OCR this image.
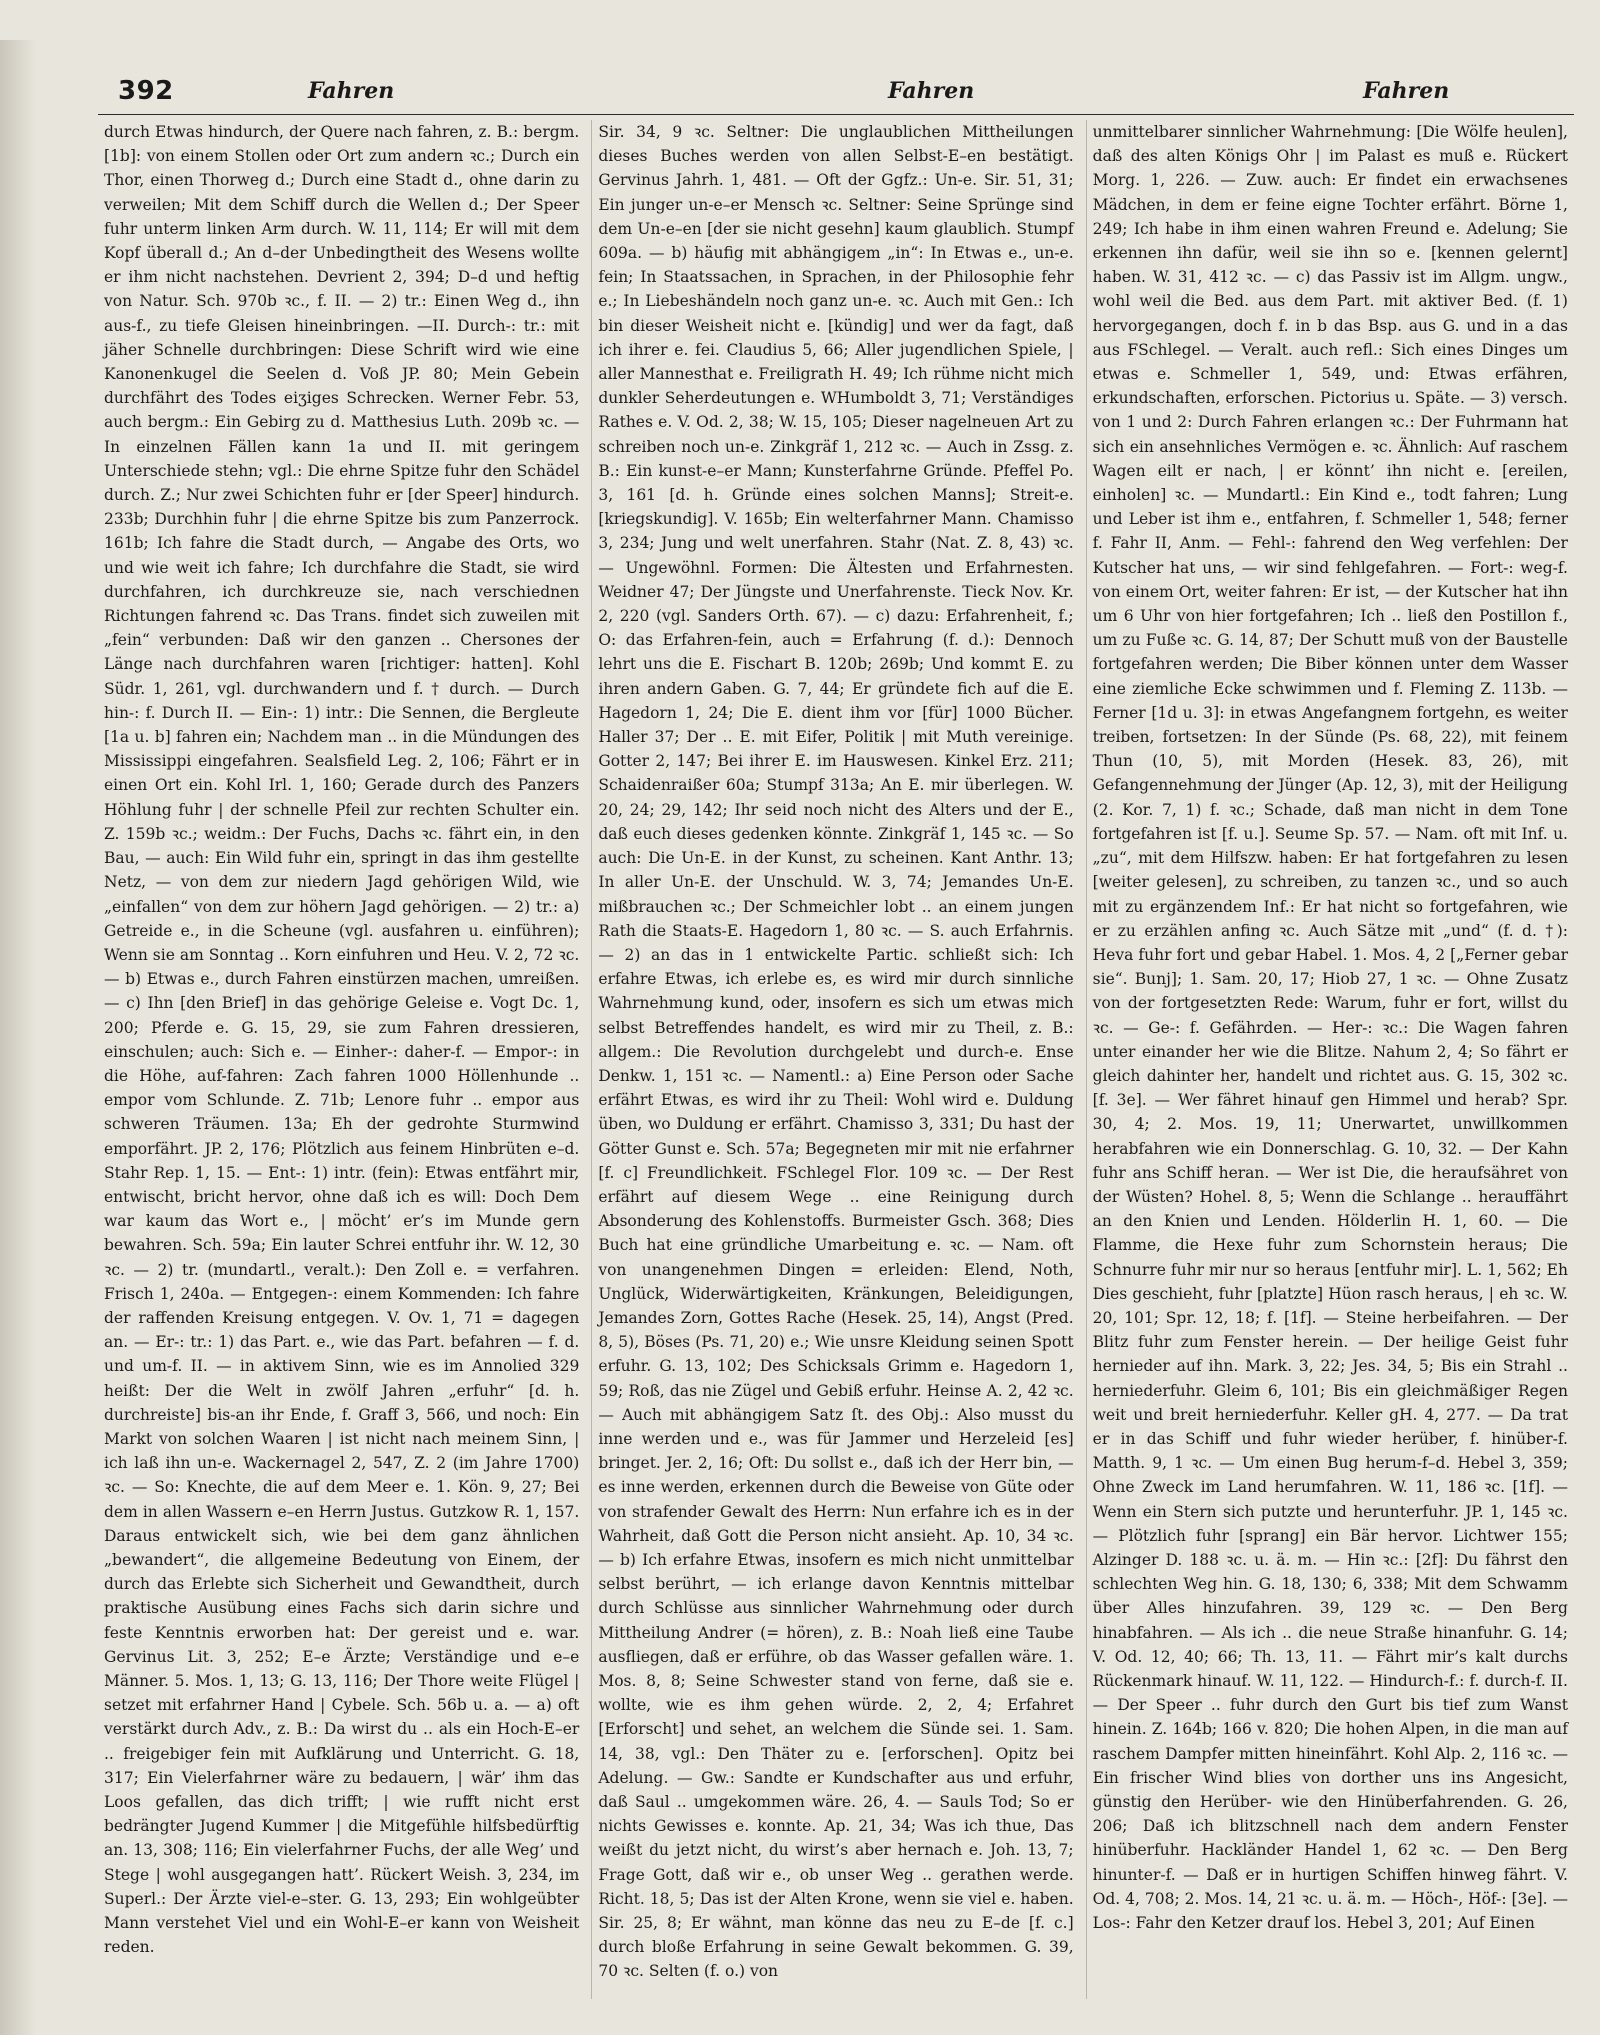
392	Fahren	Fahren	Fahren
durch Etwas hindurch, der Quere nach fahren, z. B.: bergm. [1b]: von einem Stollen oder Ort zum andern ꝛc.; Durch ein Thor, einen Thorweg d.; Durch eine Stadt d., ohne darin zu verweilen; Mit dem Schiff durch die Wellen d.; Der Speer fuhr unterm linken Arm durch. W. 11, 114; Er will mit dem Kopf überall d.; An d–der Unbedingtheit des Wesens wollte er ihm nicht nachstehen. Devrient 2, 394; D–d und heftig von Natur. Sch. 970b ꝛc., f. II. — 2) tr.: Einen Weg d., ihn aus-f., zu tiefe Gleisen hineinbringen. —II. Durch-: tr.: mit jäher Schnelle durchbringen: Diese Schrift wird wie eine Kanonenkugel die Seelen d. Voß JP. 80; Mein Gebein durchfährt des Todes eiʒiges Schrecken. Werner Febr. 53, auch bergm.: Ein Gebirg zu d. Matthesius Luth. 209b ꝛc. — In einzelnen Fällen kann 1a und II. mit geringem Unterschiede stehn; vgl.: Die ehrne Spitze fuhr den Schädel durch. Z.; Nur zwei Schichten fuhr er [der Speer] hindurch. 233b; Durchhin fuhr | die ehrne Spitze bis zum Panzerrock. 161b; Ich fahre die Stadt durch, — Angabe des Orts, wo und wie weit ich fahre; Ich durchfahre die Stadt, sie wird durchfahren, ich durchkreuze sie, nach verschiednen Richtungen fahrend ꝛc. Das Trans. findet sich zuweilen mit „fein“ verbunden: Daß wir den ganzen .. Chersones der Länge nach durchfahren waren [richtiger: hatten]. Kohl Südr. 1, 261, vgl. durchwandern und f. † durch. — Durch hin-: f. Durch II. — Ein-: 1) intr.: Die Sennen, die Bergleute [1a u. b] fahren ein; Nachdem man .. in die Mündungen des Mississippi eingefahren. Sealsfield Leg. 2, 106; Fährt er in einen Ort ein. Kohl Irl. 1, 160; Gerade durch des Panzers Höhlung fuhr | der schnelle Pfeil zur rechten Schulter ein. Z. 159b ꝛc.; weidm.: Der Fuchs, Dachs ꝛc. fährt ein, in den Bau, — auch: Ein Wild fuhr ein, springt in das ihm gestellte Netz, — von dem zur niedern Jagd gehörigen Wild, wie „einfallen“ von dem zur höhern Jagd gehörigen. — 2) tr.: a) Getreide e., in die Scheune (vgl. ausfahren u. einführen); Wenn sie am Sonntag .. Korn einfuhren und Heu. V. 2, 72 ꝛc. — b) Etwas e., durch Fahren einstürzen machen, umreißen. — c) Ihn [den Brief] in das gehörige Geleise e. Vogt Dc. 1, 200; Pferde e. G. 15, 29, sie zum Fahren dressieren, einschulen; auch: Sich e. — Einher-: daher-f. — Empor-: in die Höhe, auf-fahren: Zach fahren 1000 Höllenhunde .. empor vom Schlunde. Z. 71b; Lenore fuhr .. empor aus schweren Träumen. 13a; Eh der gedrohte Sturmwind emporfährt. JP. 2, 176; Plötzlich aus feinem Hinbrüten e–d. Stahr Rep. 1, 15. — Ent-: 1) intr. (fein): Etwas entfährt mir, entwischt, bricht hervor, ohne daß ich es will: Doch Dem war kaum das Wort e., | möcht’ er’s im Munde gern bewahren. Sch. 59a; Ein lauter Schrei entfuhr ihr. W. 12, 30 ꝛc. — 2) tr. (mundartl., veralt.): Den Zoll e. = verfahren. Frisch 1, 240a. — Entgegen-: einem Kommenden: Ich fahre der raffenden Kreisung entgegen. V. Ov. 1, 71 = dagegen an. — Er-: tr.: 1) das Part. e., wie das Part. befahren — f. d. und um-f. II. — in aktivem Sinn, wie es im Annolied 329 heißt: Der die Welt in zwölf Jahren „erfuhr“ [d. h. durchreiste] bis-an ihr Ende, f. Graff 3, 566, und noch: Ein Markt von solchen Waaren | ist nicht nach meinem Sinn, | ich laß ihn un-e. Wackernagel 2, 547, Z. 2 (im Jahre 1700) ꝛc. — So: Knechte, die auf dem Meer e. 1. Kön. 9, 27; Bei dem in allen Wassern e–en Herrn Justus. Gutzkow R. 1, 157. Daraus entwickelt sich, wie bei dem ganz ähnlichen „bewandert“, die allgemeine Bedeutung von Einem, der durch das Erlebte sich Sicherheit und Gewandtheit, durch praktische Ausübung eines Fachs sich darin sichre und feste Kenntnis erworben hat: Der gereist und e. war. Gervinus Lit. 3, 252; E–e Ärzte; Verständige und e–e Männer. 5. Mos. 1, 13; G. 13, 116; Der Thore weite Flügel | setzet mit erfahrner Hand | Cybele. Sch. 56b u. a. — a) oft verstärkt durch Adv., z. B.: Da wirst du .. als ein Hoch-E–er .. freigebiger fein mit Aufklärung und Unterricht. G. 18, 317; Ein Vielerfahrner wäre zu bedauern, | wär’ ihm das Loos gefallen, das dich trifft; | wie rufft nicht erst bedrängter Jugend Kummer | die Mitgefühle hilfsbedürftig an. 13, 308; 116; Ein vielerfahrner Fuchs, der alle Weg’ und Stege | wohl ausgegangen hatt’. Rückert Weish. 3, 234, im Superl.: Der Ärzte viel-e–ster. G. 13, 293; Ein wohlgeübter Mann verstehet Viel und ein Wohl-E–er kann von Weisheit reden.
Sir. 34, 9 ꝛc. Seltner: Die unglaublichen Mittheilungen dieses Buches werden von allen Selbst-E–en bestätigt. Gervinus Jahrh. 1, 481. — Oft der Ggfz.: Un-e. Sir. 51, 31; Ein junger un-e–er Mensch ꝛc. Seltner: Seine Sprünge sind dem Un-e–en [der sie nicht gesehn] kaum glaublich. Stumpf 609a. — b) häufig mit abhängigem „in“: In Etwas e., un-e. fein; In Staatssachen, in Sprachen, in der Philosophie fehr e.; In Liebeshändeln noch ganz un-e. ꝛc. Auch mit Gen.: Ich bin dieser Weisheit nicht e. [kündig] und wer da fagt, daß ich ihrer e. fei. Claudius 5, 66; Aller jugendlichen Spiele, | aller Mannesthat e. Freiligrath H. 49; Ich rühme nicht mich dunkler Seherdeutungen e. WHumboldt 3, 71; Verständiges Rathes e. V. Od. 2, 38; W. 15, 105; Dieser nagelneuen Art zu schreiben noch un-e. Zinkgräf 1, 212 ꝛc. — Auch in Zssg. z. B.: Ein kunst-e–er Mann; Kunsterfahrne Gründe. Pfeffel Po. 3, 161 [d. h. Gründe eines solchen Manns]; Streit-e. [kriegskundig]. V. 165b; Ein welterfahrner Mann. Chamisso 3, 234; Jung und welt unerfahren. Stahr (Nat. Z. 8, 43) ꝛc. — Ungewöhnl. Formen: Die Ältesten und Erfahrnesten. Weidner 47; Der Jüngste und Unerfahrenste. Tieck Nov. Kr. 2, 220 (vgl. Sanders Orth. 67). — c) dazu: Erfahrenheit, f.; O: das Erfahren-fein, auch = Erfahrung (f. d.): Dennoch lehrt uns die E. Fischart B. 120b; 269b; Und kommt E. zu ihren andern Gaben. G. 7, 44; Er gründete fich auf die E. Hagedorn 1, 24; Die E. dient ihm vor [für] 1000 Bücher. Haller 37; Der .. E. mit Eifer, Politik | mit Muth vereinige. Gotter 2, 147; Bei ihrer E. im Hauswesen. Kinkel Erz. 211; Schaidenraißer 60a; Stumpf 313a; An E. mir überlegen. W. 20, 24; 29, 142; Ihr seid noch nicht des Alters und der E., daß euch dieses gedenken könnte. Zinkgräf 1, 145 ꝛc. — So auch: Die Un-E. in der Kunst, zu scheinen. Kant Anthr. 13; In aller Un-E. der Unschuld. W. 3, 74; Jemandes Un-E. mißbrauchen ꝛc.; Der Schmeichler lobt .. an einem jungen Rath die Staats-E. Hagedorn 1, 80 ꝛc. — S. auch Erfahrnis. — 2) an das in 1 entwickelte Partic. schließt sich: Ich erfahre Etwas, ich erlebe es, es wird mir durch sinnliche Wahrnehmung kund, oder, insofern es sich um etwas mich selbst Betreffendes handelt, es wird mir zu Theil, z. B.: allgem.: Die Revolution durchgelebt und durch-e. Ense Denkw. 1, 151 ꝛc. — Namentl.: a) Eine Person oder Sache erfährt Etwas, es wird ihr zu Theil: Wohl wird e. Duldung üben, wo Duldung er erfährt. Chamisso 3, 331; Du hast der Götter Gunst e. Sch. 57a; Begegneten mir mit nie erfahrner [f. c] Freundlichkeit. FSchlegel Flor. 109 ꝛc. — Der Rest erfährt auf diesem Wege .. eine Reinigung durch Absonderung des Kohlenstoffs. Burmeister Gsch. 368; Dies Buch hat eine gründliche Umarbeitung e. ꝛc. — Nam. oft von unangenehmen Dingen = erleiden: Elend, Noth, Unglück, Widerwärtigkeiten, Kränkungen, Beleidigungen, Jemandes Zorn, Gottes Rache (Hesek. 25, 14), Angst (Pred. 8, 5), Böses (Ps. 71, 20) e.; Wie unsre Kleidung seinen Spott erfuhr. G. 13, 102; Des Schicksals Grimm e. Hagedorn 1, 59; Roß, das nie Zügel und Gebiß erfuhr. Heinse A. 2, 42 ꝛc. — Auch mit abhängigem Satz ſt. des Obj.: Also musst du inne werden und e., was für Jammer und Herzeleid [es] bringet. Jer. 2, 16; Oft: Du sollst e., daß ich der Herr bin, — es inne werden, erkennen durch die Beweise von Güte oder von strafender Gewalt des Herrn: Nun erfahre ich es in der Wahrheit, daß Gott die Person nicht ansieht. Ap. 10, 34 ꝛc. — b) Ich erfahre Etwas, insofern es mich nicht unmittelbar selbst berührt, — ich erlange davon Kenntnis mittelbar durch Schlüsse aus sinnlicher Wahrnehmung oder durch Mittheilung Andrer (= hören), z. B.: Noah ließ eine Taube ausfliegen, daß er erführe, ob das Wasser gefallen wäre. 1. Mos. 8, 8; Seine Schwester stand von ferne, daß sie e. wollte, wie es ihm gehen würde. 2, 2, 4; Erfahret [Erforscht] und sehet, an welchem die Sünde sei. 1. Sam. 14, 38, vgl.: Den Thäter zu e. [erforschen]. Opitz bei Adelung. — Gw.: Sandte er Kundschafter aus und erfuhr, daß Saul .. umgekommen wäre. 26, 4. — Sauls Tod; So er nichts Gewisses e. konnte. Ap. 21, 34; Was ich thue, Das weißt du jetzt nicht, du wirst’s aber hernach e. Joh. 13, 7; Frage Gott, daß wir e., ob unser Weg .. gerathen werde. Richt. 18, 5; Das ist der Alten Krone, wenn sie viel e. haben. Sir. 25, 8; Er wähnt, man könne das neu zu E–de [f. c.] durch bloße Erfahrung in seine Gewalt bekommen. G. 39, 70 ꝛc. Selten (f. o.) von
unmittelbarer sinnlicher Wahrnehmung: [Die Wölfe heulen], daß des alten Königs Ohr | im Palast es muß e. Rückert Morg. 1, 226. — Zuw. auch: Er findet ein erwachsenes Mädchen, in dem er feine eigne Tochter erfährt. Börne 1, 249; Ich habe in ihm einen wahren Freund e. Adelung; Sie erkennen ihn dafür, weil sie ihn so e. [kennen gelernt] haben. W. 31, 412 ꝛc. — c) das Passiv ist im Allgm. ungw., wohl weil die Bed. aus dem Part. mit aktiver Bed. (f. 1) hervorgegangen, doch f. in b das Bsp. aus G. und in a das aus FSchlegel. — Veralt. auch refl.: Sich eines Dinges um etwas e. Schmeller 1, 549, und: Etwas erfähren, erkundschaften, erforschen. Pictorius u. Späte. — 3) versch. von 1 und 2: Durch Fahren erlangen ꝛc.: Der Fuhrmann hat sich ein ansehnliches Vermögen e. ꝛc. Ähnlich: Auf raschem Wagen eilt er nach, | er könnt’ ihn nicht e. [ereilen, einholen] ꝛc. — Mundartl.: Ein Kind e., todt fahren; Lung und Leber ist ihm e., entfahren, f. Schmeller 1, 548; ferner f. Fahr II, Anm. — Fehl-: fahrend den Weg verfehlen: Der Kutscher hat uns, — wir sind fehlgefahren. — Fort-: weg-f. von einem Ort, weiter fahren: Er ist, — der Kutscher hat ihn um 6 Uhr von hier fortgefahren; Ich .. ließ den Postillon f., um zu Fuße ꝛc. G. 14, 87; Der Schutt muß von der Baustelle fortgefahren werden; Die Biber können unter dem Wasser eine ziemliche Ecke schwimmen und f. Fleming Z. 113b. — Ferner [1d u. 3]: in etwas Angefangnem fortgehn, es weiter treiben, fortsetzen: In der Sünde (Ps. 68, 22), mit feinem Thun (10, 5), mit Morden (Hesek. 83, 26), mit Gefangennehmung der Jünger (Ap. 12, 3), mit der Heiligung (2. Kor. 7, 1) f. ꝛc.; Schade, daß man nicht in dem Tone fortgefahren ist [f. u.]. Seume Sp. 57. — Nam. oft mit Inf. u. „zu“, mit dem Hilfszw. haben: Er hat fortgefahren zu lesen [weiter gelesen], zu schreiben, zu tanzen ꝛc., und so auch mit zu ergänzendem Inf.: Er hat nicht so fortgefahren, wie er zu erzählen anfing ꝛc. Auch Sätze mit „und“ (f. d. †): Heva fuhr fort und gebar Habel. 1. Mos. 4, 2 [„Ferner gebar sie“. Bunj]; 1. Sam. 20, 17; Hiob 27, 1 ꝛc. — Ohne Zusatz von der fortgesetzten Rede: Warum, fuhr er fort, willst du ꝛc. — Ge-: f. Gefährden. — Her-: ꝛc.: Die Wagen fahren unter einander her wie die Blitze. Nahum 2, 4; So fährt er gleich dahinter her, handelt und richtet aus. G. 15, 302 ꝛc. [f. 3e]. — Wer fähret hinauf gen Himmel und herab? Spr. 30, 4; 2. Mos. 19, 11; Unerwartet, unwillkommen herabfahren wie ein Donnerschlag. G. 10, 32. — Der Kahn fuhr ans Schiff heran. — Wer ist Die, die heraufsähret von der Wüsten? Hohel. 8, 5; Wenn die Schlange .. herauffährt an den Knien und Lenden. Hölderlin H. 1, 60. — Die Flamme, die Hexe fuhr zum Schornstein heraus; Die Schnurre fuhr mir nur so heraus [entfuhr mir]. L. 1, 562; Eh Dies geschieht, fuhr [platzte] Hüon rasch heraus, | eh ꝛc. W. 20, 101; Spr. 12, 18; f. [1f]. — Steine herbeifahren. — Der Blitz fuhr zum Fenster herein. — Der heilige Geist fuhr hernieder auf ihn. Mark. 3, 22; Jes. 34, 5; Bis ein Strahl .. herniederfuhr. Gleim 6, 101; Bis ein gleichmäßiger Regen weit und breit herniederfuhr. Keller gH. 4, 277. — Da trat er in das Schiff und fuhr wieder herüber, f. hinüber-f. Matth. 9, 1 ꝛc. — Um einen Bug herum-f–d. Hebel 3, 359; Ohne Zweck im Land herumfahren. W. 11, 186 ꝛc. [1f]. — Wenn ein Stern sich putzte und herunterfuhr. JP. 1, 145 ꝛc. — Plötzlich fuhr [sprang] ein Bär hervor. Lichtwer 155; Alzinger D. 188 ꝛc. u. ä. m. — Hin ꝛc.: [2f]: Du fährst den schlechten Weg hin. G. 18, 130; 6, 338; Mit dem Schwamm über Alles hinzufahren. 39, 129 ꝛc. — Den Berg hinabfahren. — Als ich .. die neue Straße hinanfuhr. G. 14; V. Od. 12, 40; 66; Th. 13, 11. — Fährt mir’s kalt durchs Rückenmark hinauf. W. 11, 122. — Hindurch-f.: f. durch-f. II. — Der Speer .. fuhr durch den Gurt bis tief zum Wanst hinein. Z. 164b; 166 v. 820; Die hohen Alpen, in die man auf raschem Dampfer mitten hineinfährt. Kohl Alp. 2, 116 ꝛc. — Ein frischer Wind blies von dorther uns ins Angesicht, günstig den Herüber- wie den Hinüberfahrenden. G. 26, 206; Daß ich blitzschnell nach dem andern Fenster hinüberfuhr. Hackländer Handel 1, 62 ꝛc. — Den Berg hinunter-f. — Daß er in hurtigen Schiffen hinweg fährt. V. Od. 4, 708; 2. Mos. 14, 21 ꝛc. u. ä. m. — Höch-, Höf-: [3e]. — Los-: Fahr den Ketzer drauf los. Hebel 3, 201; Auf Einen
